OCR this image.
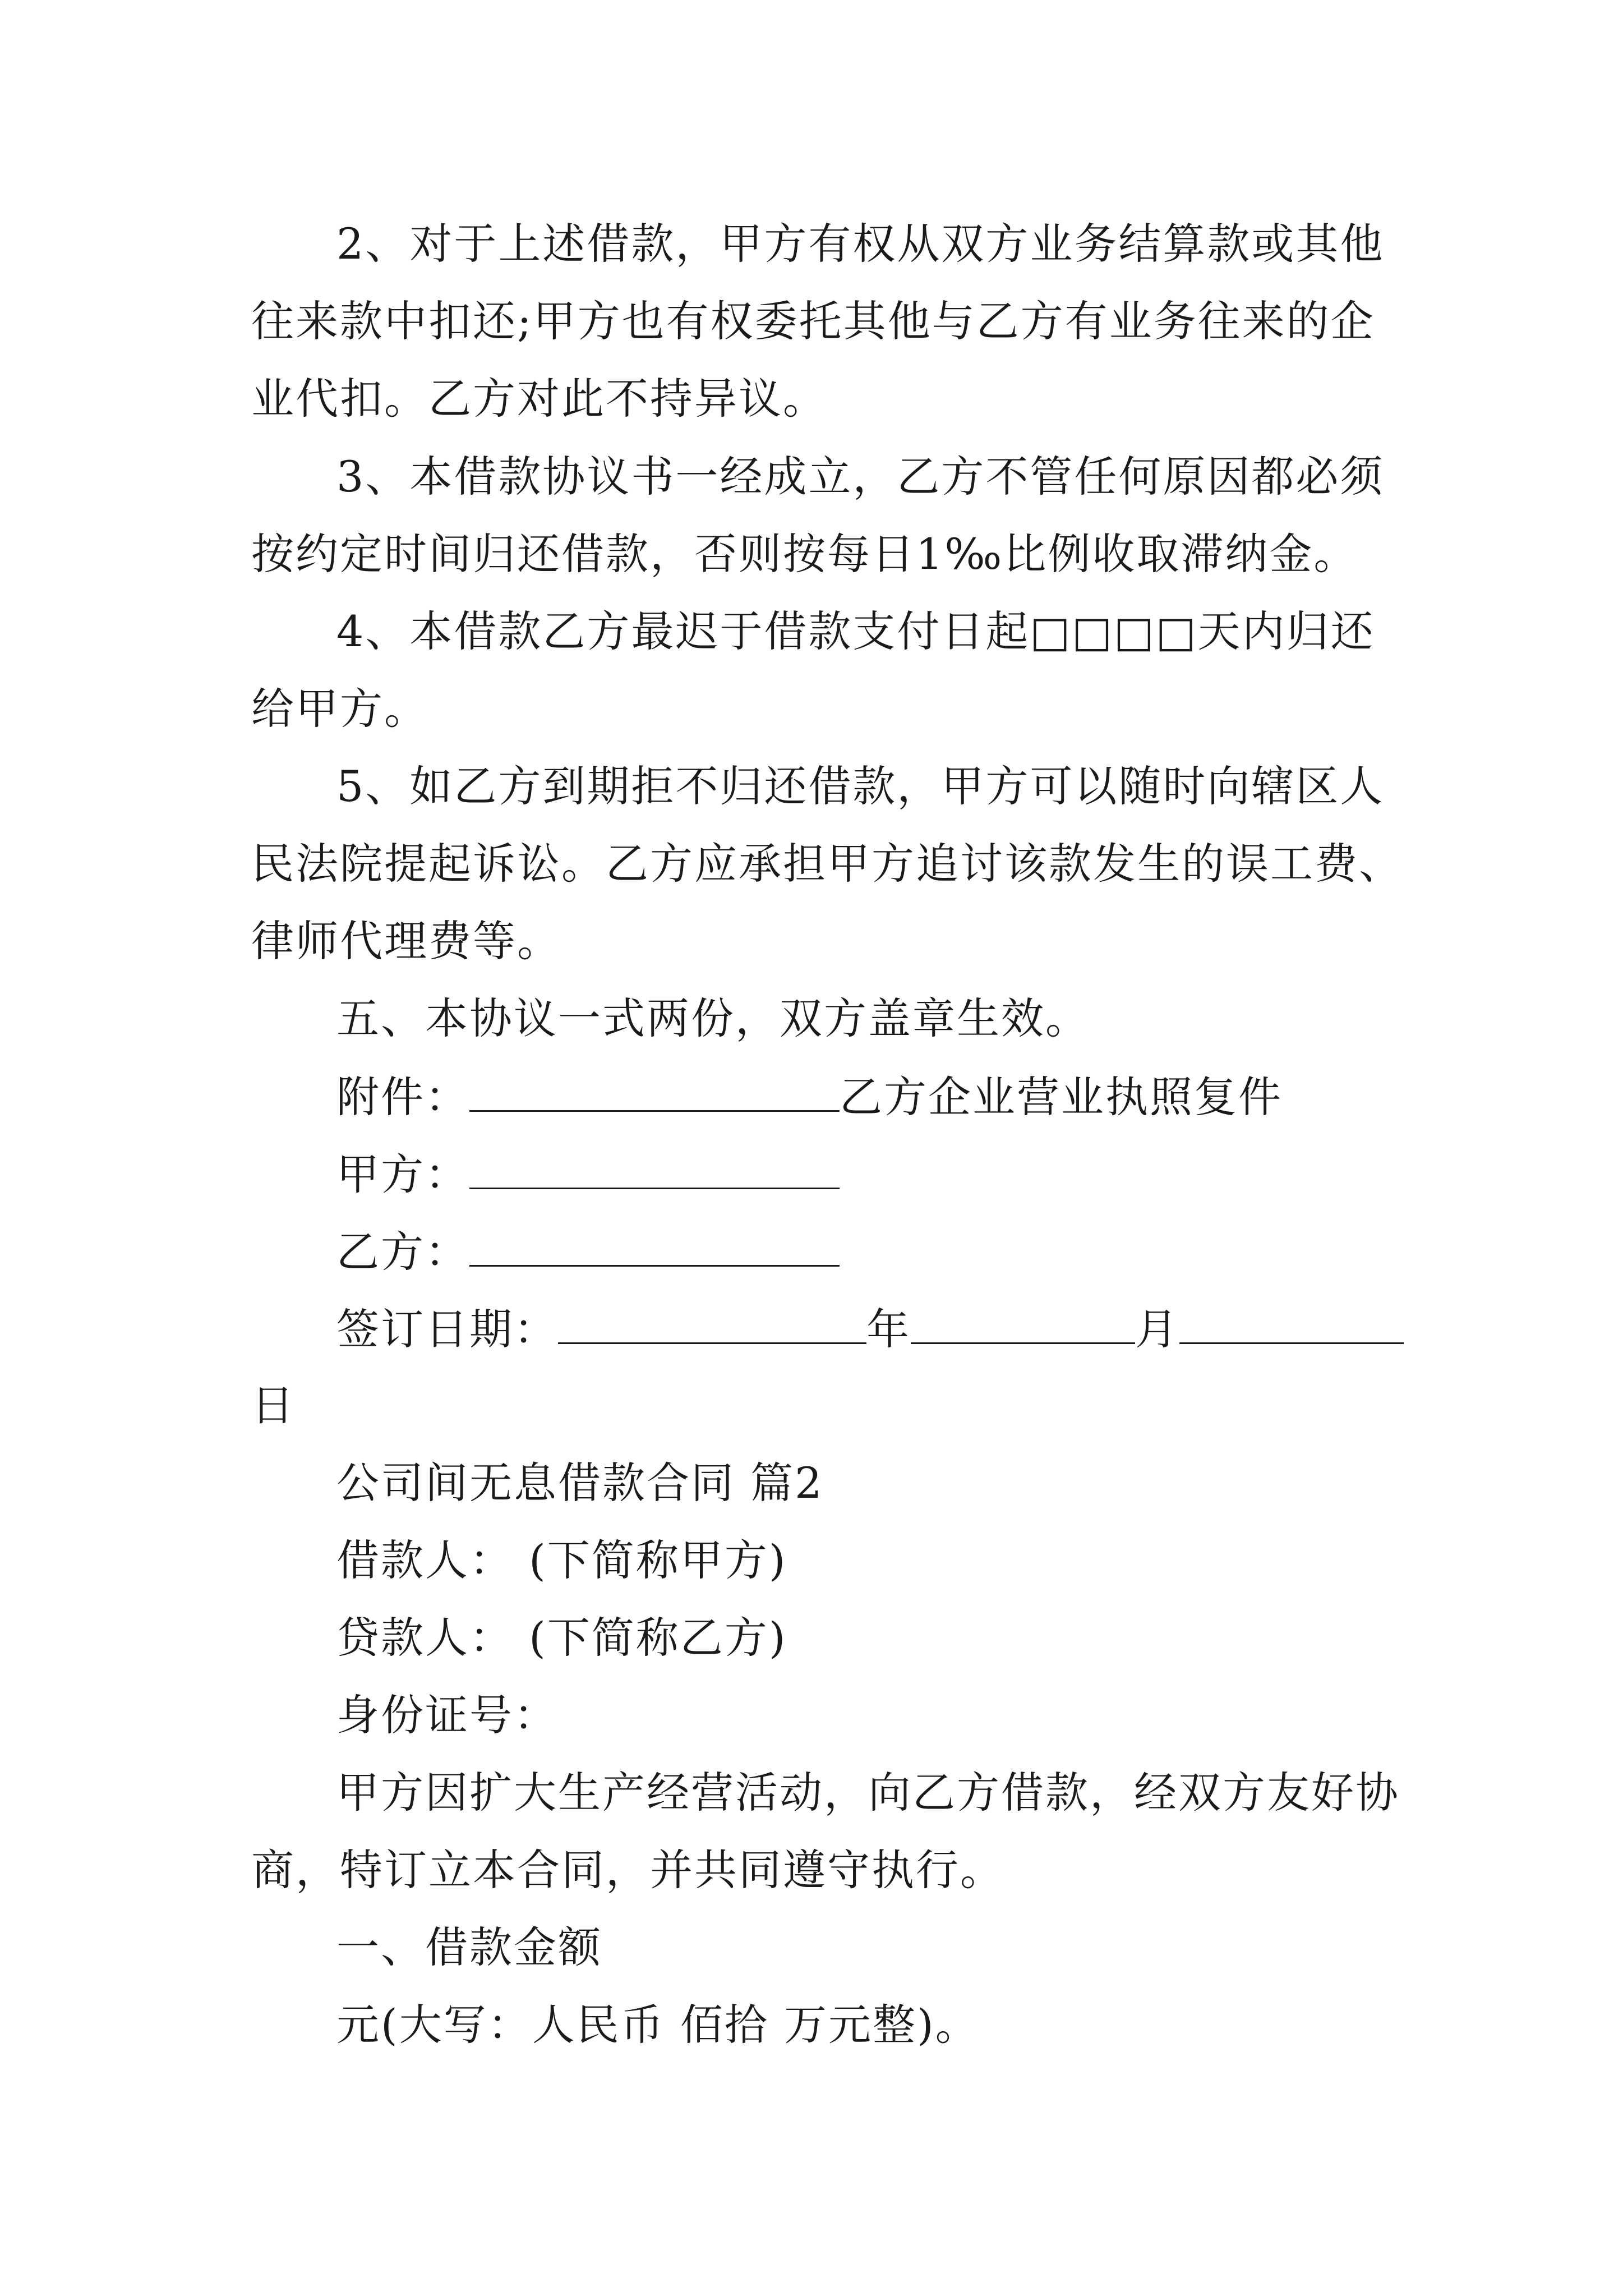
2、对于上述借款，甲方有权从双方业务结算款或其他
往来款中扣还;甲方也有权委托其他与乙方有业务往来的企
业代扣。乙方对此不持异议。
3、本借款协议书一经成立，乙方不管任何原因都必须
按约定时间归还借款，否则按每日1‰比例收取滞纳金。
4、本借款乙方最迟于借款支付日起□□□□天内归还
给甲方。
5、如乙方到期拒不归还借款，甲方可以随时向辖区人
民法院提起诉讼。乙方应承担甲方追讨该款发生的误工费、
律师代理费等。
五、本协议一式两份，双方盖章生效。
附件：	乙方企业营业执照复件
甲方：
乙方：
签订日期：	年	月
日
公司间无息借款合同 篇2
借款人： (下简称甲方)
贷款人： (下简称乙方)
身份证号：
甲方因扩大生产经营活动，向乙方借款，经双方友好协
商，特订立本合同，并共同遵守执行。
一、借款金额
元(大写：人民币 佰拾 万元整)。
